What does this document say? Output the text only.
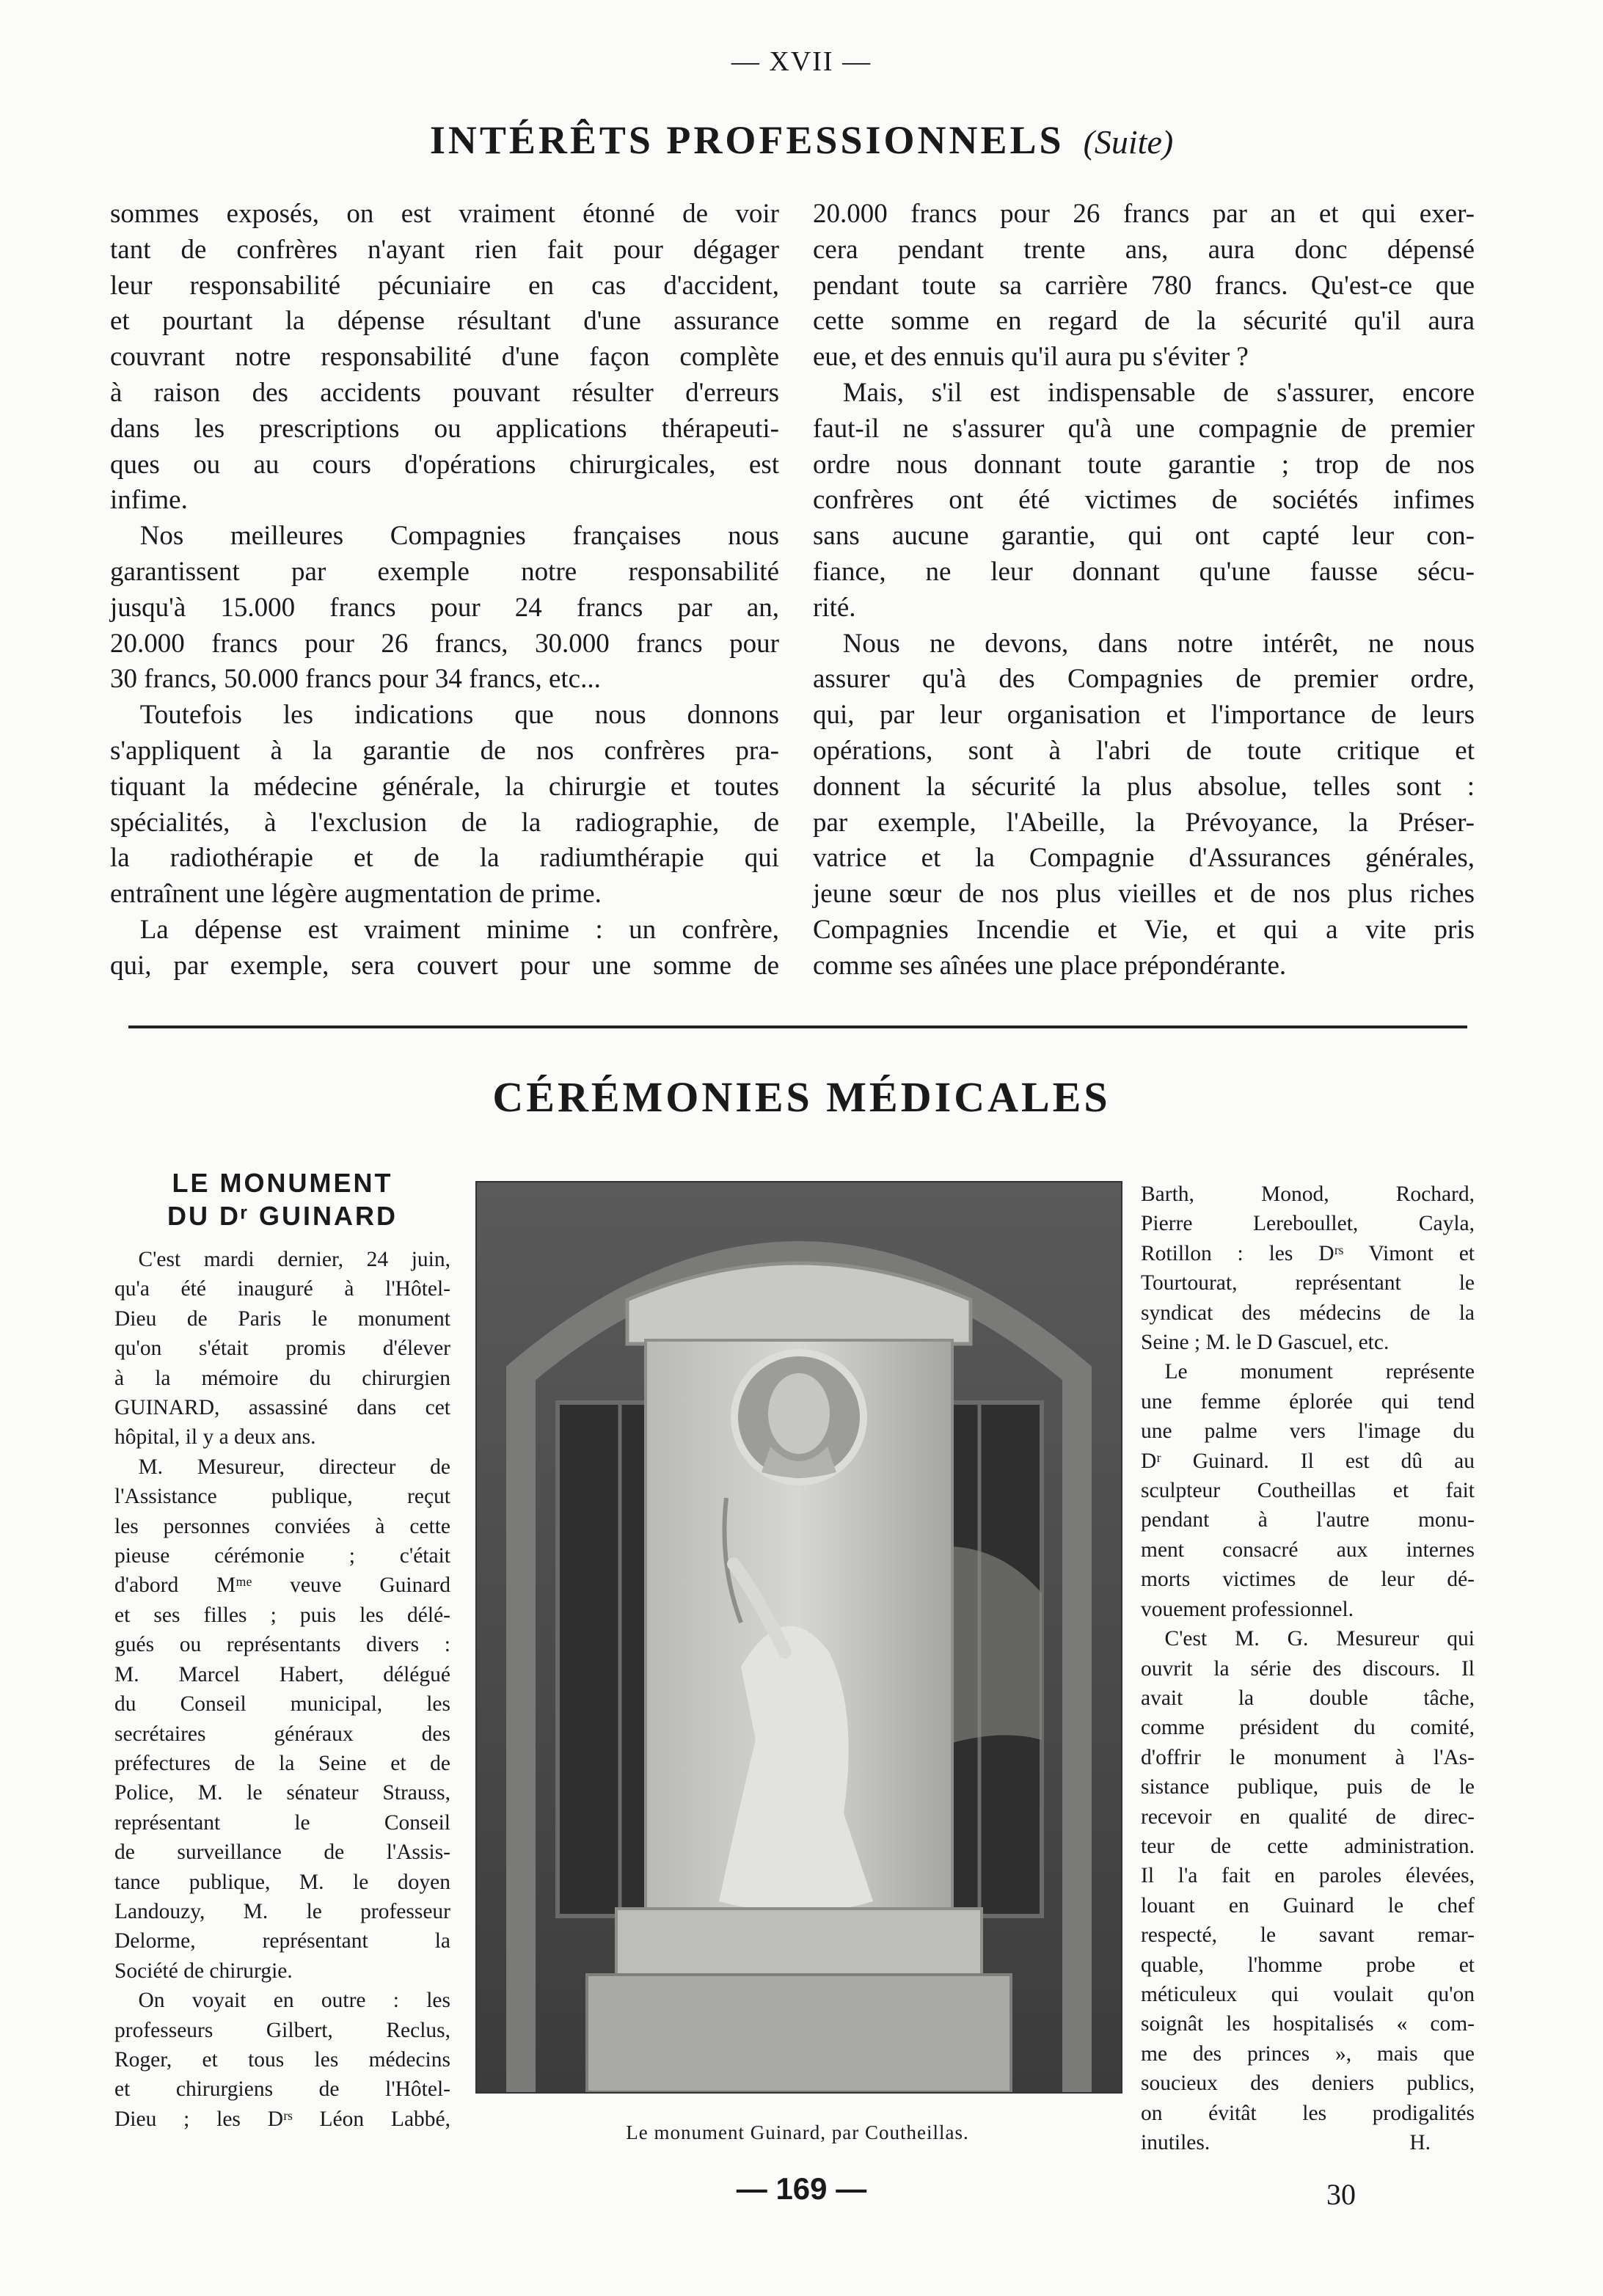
— XVII —
INTÉRÊTS PROFESSIONNELS (Suite)
sommes exposés, on est vraiment étonné de voir
tant de confrères n'ayant rien fait pour dégager
leur responsabilité pécuniaire en cas d'accident,
et pourtant la dépense résultant d'une assurance
couvrant notre responsabilité d'une façon complète
à raison des accidents pouvant résulter d'erreurs
dans les prescriptions ou applications thérapeuti-
ques ou au cours d'opérations chirurgicales, est
infime.
Nos meilleures Compagnies françaises nous
garantissent par exemple notre responsabilité
jusqu'à 15.000 francs pour 24 francs par an,
20.000 francs pour 26 francs, 30.000 francs pour
30 francs, 50.000 francs pour 34 francs, etc...
Toutefois les indications que nous donnons
s'appliquent à la garantie de nos confrères pra-
tiquant la médecine générale, la chirurgie et toutes
spécialités, à l'exclusion de la radiographie, de
la radiothérapie et de la radiumthérapie qui
entraînent une légère augmentation de prime.
La dépense est vraiment minime : un confrère,
qui, par exemple, sera couvert pour une somme de
20.000 francs pour 26 francs par an et qui exer-
cera pendant trente ans, aura donc dépensé
pendant toute sa carrière 780 francs. Qu'est-ce que
cette somme en regard de la sécurité qu'il aura
eue, et des ennuis qu'il aura pu s'éviter ?
Mais, s'il est indispensable de s'assurer, encore
faut-il ne s'assurer qu'à une compagnie de premier
ordre nous donnant toute garantie ; trop de nos
confrères ont été victimes de sociétés infimes
sans aucune garantie, qui ont capté leur con-
fiance, ne leur donnant qu'une fausse sécu-
rité.
Nous ne devons, dans notre intérêt, ne nous
assurer qu'à des Compagnies de premier ordre,
qui, par leur organisation et l'importance de leurs
opérations, sont à l'abri de toute critique et
donnent la sécurité la plus absolue, telles sont :
par exemple, l'Abeille, la Prévoyance, la Préser-
vatrice et la Compagnie d'Assurances générales,
jeune sœur de nos plus vieilles et de nos plus riches
Compagnies Incendie et Vie, et qui a vite pris
comme ses aînées une place prépondérante.
CÉRÉMONIES MÉDICALES
LE MONUMENT
DU Dʳ GUINARD
C'est mardi dernier, 24 juin,
qu'a été inauguré à l'Hôtel-
Dieu de Paris le monument
qu'on s'était promis d'élever
à la mémoire du chirurgien
GUINARD, assassiné dans cet
hôpital, il y a deux ans.
M. Mesureur, directeur de
l'Assistance publique, reçut
les personnes conviées à cette
pieuse cérémonie ; c'était
d'abord Mᵐᵉ veuve Guinard
et ses filles ; puis les délé-
gués ou représentants divers :
M. Marcel Habert, délégué
du Conseil municipal, les
secrétaires généraux des
préfectures de la Seine et de
Police, M. le sénateur Strauss,
représentant le Conseil
de surveillance de l'Assis-
tance publique, M. le doyen
Landouzy, M. le professeur
Delorme, représentant la
Société de chirurgie.
On voyait en outre : les
professeurs Gilbert, Reclus,
Roger, et tous les médecins
et chirurgiens de l'Hôtel-
Dieu ; les Dʳˢ Léon Labbé,
Le monument Guinard, par Coutheillas.
Barth, Monod, Rochard,
Pierre Lereboullet, Cayla,
Rotillon : les Dʳˢ Vimont et
Tourtourat, représentant le
syndicat des médecins de la
Seine ; M. le D Gascuel, etc.
Le monument représente
une femme éplorée qui tend
une palme vers l'image du
Dʳ Guinard. Il est dû au
sculpteur Coutheillas et fait
pendant à l'autre monu-
ment consacré aux internes
morts victimes de leur dé-
vouement professionnel.
C'est M. G. Mesureur qui
ouvrit la série des discours. Il
avait la double tâche,
comme président du comité,
d'offrir le monument à l'As-
sistance publique, puis de le
recevoir en qualité de direc-
teur de cette administration.
Il l'a fait en paroles élevées,
louant en Guinard le chef
respecté, le savant remar-
quable, l'homme probe et
méticuleux qui voulait qu'on
soignât les hospitalisés « com-
me des princes », mais que
soucieux des deniers publics,
on évitât les prodigalités
inutiles.	H.
— 169 —	30
